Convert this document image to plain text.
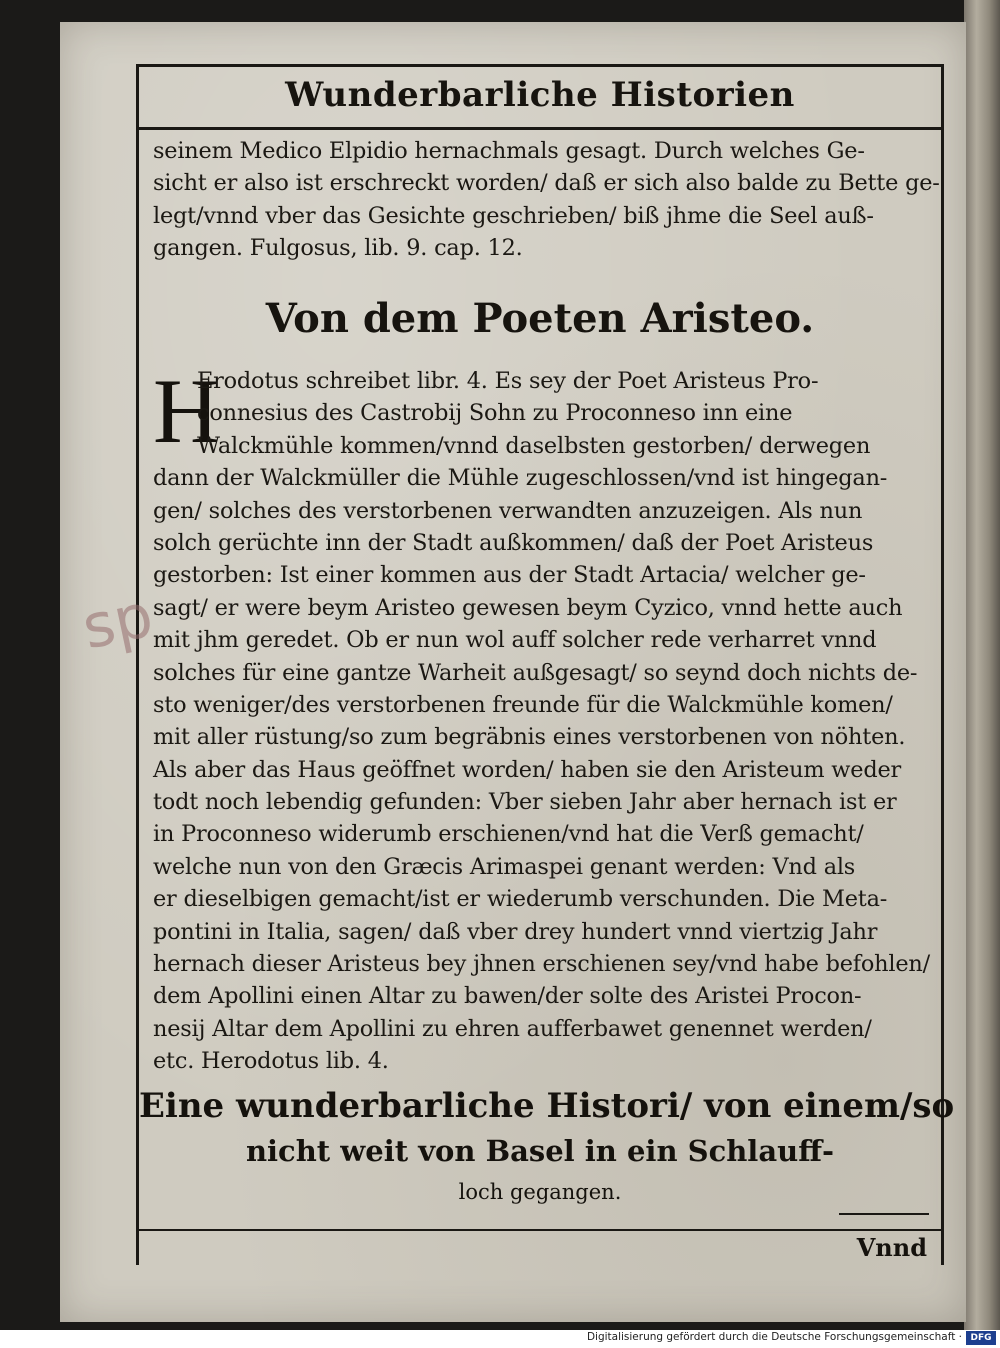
sp
Wunderbarliche Historien
seinem Medico Elpidio hernachmals gesagt. Durch welches Ge-
sicht er also ist erschreckt worden/ daß er sich also balde zu Bette ge-
legt/vnnd vber das Gesichte geschrieben/ biß jhme die Seel auß-
gangen. Fulgosus, lib. 9. cap. 12.
Von dem Poeten Aristeo.
H
Erodotus schreibet libr. 4. Es sey der Poet Aristeus Pro-
connesius des Castrobij Sohn zu Proconneso inn eine
Walckmühle kommen/vnnd daselbsten gestorben/ derwegen
dann der Walckmüller die Mühle zugeschlossen/vnd ist hingegan-
gen/ solches des verstorbenen verwandten anzuzeigen. Als nun
solch gerüchte inn der Stadt außkommen/ daß der Poet Aristeus
gestorben: Ist einer kommen aus der Stadt Artacia/ welcher ge-
sagt/ er were beym Aristeo gewesen beym Cyzico, vnnd hette auch
mit jhm geredet. Ob er nun wol auff solcher rede verharret vnnd
solches für eine gantze Warheit außgesagt/ so seynd doch nichts de-
sto weniger/des verstorbenen freunde für die Walckmühle komen/
mit aller rüstung/so zum begräbnis eines verstorbenen von nöhten.
Als aber das Haus geöffnet worden/ haben sie den Aristeum weder
todt noch lebendig gefunden: Vber sieben Jahr aber hernach ist er
in Proconneso widerumb erschienen/vnd hat die Verß gemacht/
welche nun von den Græcis Arimaspei genant werden: Vnd als
er dieselbigen gemacht/ist er wiederumb verschunden. Die Meta-
pontini in Italia, sagen/ daß vber drey hundert vnnd viertzig Jahr
hernach dieser Aristeus bey jhnen erschienen sey/vnd habe befohlen/
dem Apollini einen Altar zu bawen/der solte des Aristei Procon-
nesij Altar dem Apollini zu ehren aufferbawet genennet werden/
etc. Herodotus lib. 4.
Eine wunderbarliche Histori/ von einem/so
nicht weit von Basel in ein Schlauff-
loch gegangen.
Vnnd
Digitalisierung gefördert durch die Deutsche Forschungsgemeinschaft · DFG
